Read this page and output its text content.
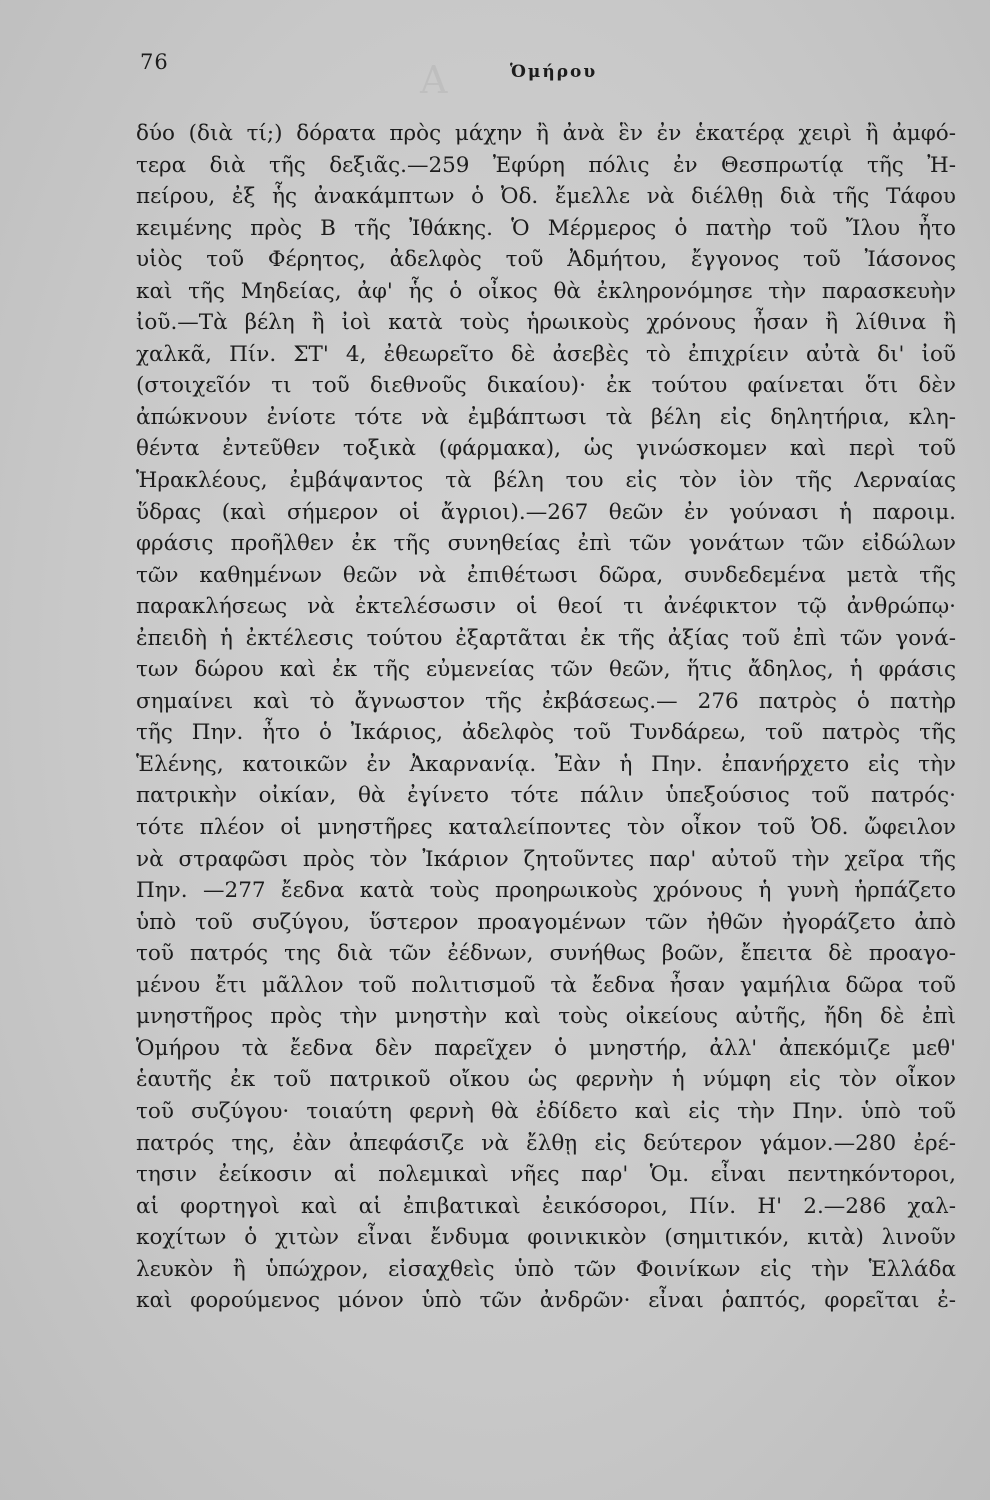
Α
76	Ὁμήρου
δύο (διὰ τί;) δόρατα πρὸς μάχην ἢ ἀνὰ ἓν ἐν ἑκατέρᾳ χειρὶ ἢ ἀμφό-
τερα διὰ τῆς δεξιᾶς.—259 Ἐφύρη πόλις ἐν Θεσπρωτίᾳ τῆς Ἠ-
πείρου, ἐξ ἧς ἀνακάμπτων ὁ Ὀδ. ἔμελλε νὰ διέλθῃ διὰ τῆς Τάφου
κειμένης πρὸς Β τῆς Ἰθάκης. Ὁ Μέρμερος ὁ πατὴρ τοῦ Ἴλου ἦτο
υἱὸς τοῦ Φέρητος, ἀδελφὸς τοῦ Ἀδμήτου, ἔγγονος τοῦ Ἰάσονος
καὶ τῆς Μηδείας, ἀφ' ἧς ὁ οἶκος θὰ ἐκληρονόμησε τὴν παρασκευὴν
ἰοῦ.—Τὰ βέλη ἢ ἰοὶ κατὰ τοὺς ἡρωικοὺς χρόνους ἦσαν ἢ λίθινα ἢ
χαλκᾶ, Πίν. ΣΤ' 4, ἐθεωρεῖτο δὲ ἀσεβὲς τὸ ἐπιχρίειν αὐτὰ δι' ἰοῦ
(στοιχεῖόν τι τοῦ διεθνοῦς δικαίου)· ἐκ τούτου φαίνεται ὅτι δὲν
ἀπώκνουν ἐνίοτε τότε νὰ ἐμβάπτωσι τὰ βέλη εἰς δηλητήρια, κλη-
θέντα ἐντεῦθεν τοξικὰ (φάρμακα), ὡς γινώσκομεν καὶ περὶ τοῦ
Ἡρακλέους, ἐμβάψαντος τὰ βέλη του εἰς τὸν ἰὸν τῆς Λερναίας
ὕδρας (καὶ σήμερον οἱ ἄγριοι).—267 θεῶν ἐν γούνασι ἡ παροιμ.
φράσις προῆλθεν ἐκ τῆς συνηθείας ἐπὶ τῶν γονάτων τῶν εἰδώλων
τῶν καθημένων θεῶν νὰ ἐπιθέτωσι δῶρα, συνδεδεμένα μετὰ τῆς
παρακλήσεως νὰ ἐκτελέσωσιν οἱ θεοί τι ἀνέφικτον τῷ ἀνθρώπῳ·
ἐπειδὴ ἡ ἐκτέλεσις τούτου ἐξαρτᾶται ἐκ τῆς ἀξίας τοῦ ἐπὶ τῶν γονά-
των δώρου καὶ ἐκ τῆς εὐμενείας τῶν θεῶν, ἥτις ἄδηλος, ἡ φράσις
σημαίνει καὶ τὸ ἄγνωστον τῆς ἐκβάσεως.— 276 πατρὸς ὁ πατὴρ
τῆς Πην. ἦτο ὁ Ἰκάριος, ἀδελφὸς τοῦ Τυνδάρεω, τοῦ πατρὸς τῆς
Ἑλένης, κατοικῶν ἐν Ἀκαρνανίᾳ. Ἐὰν ἡ Πην. ἐπανήρχετο εἰς τὴν
πατρικὴν οἰκίαν, θὰ ἐγίνετο τότε πάλιν ὑπεξούσιος τοῦ πατρός·
τότε πλέον οἱ μνηστῆρες καταλείποντες τὸν οἶκον τοῦ Ὀδ. ὤφειλον
νὰ στραφῶσι πρὸς τὸν Ἰκάριον ζητοῦντες παρ' αὐτοῦ τὴν χεῖρα τῆς
Πην. —277 ἔεδνα κατὰ τοὺς προηρωικοὺς χρόνους ἡ γυνὴ ἡρπάζετο
ὑπὸ τοῦ συζύγου, ὕστερον προαγομένων τῶν ἠθῶν ἠγοράζετο ἀπὸ
τοῦ πατρός της διὰ τῶν ἐέδνων, συνήθως βοῶν, ἔπειτα δὲ προαγο-
μένου ἔτι μᾶλλον τοῦ πολιτισμοῦ τὰ ἔεδνα ἦσαν γαμήλια δῶρα τοῦ
μνηστῆρος πρὸς τὴν μνηστὴν καὶ τοὺς οἰκείους αὐτῆς, ἤδη δὲ ἐπὶ
Ὁμήρου τὰ ἔεδνα δὲν παρεῖχεν ὁ μνηστήρ, ἀλλ' ἀπεκόμιζε μεθ'
ἑαυτῆς ἐκ τοῦ πατρικοῦ οἴκου ὡς φερνὴν ἡ νύμφη εἰς τὸν οἶκον
τοῦ συζύγου· τοιαύτη φερνὴ θὰ ἐδίδετο καὶ εἰς τὴν Πην. ὑπὸ τοῦ
πατρός της, ἐὰν ἀπεφάσιζε νὰ ἔλθῃ εἰς δεύτερον γάμον.—280 ἐρέ-
τησιν ἐείκοσιν αἱ πολεμικαὶ νῆες παρ' Ὁμ. εἶναι πεντηκόντοροι,
αἱ φορτηγοὶ καὶ αἱ ἐπιβατικαὶ ἐεικόσοροι, Πίν. Η' 2.—286 χαλ-
κοχίτων ὁ χιτὼν εἶναι ἔνδυμα φοινικικὸν (σημιτικόν, κιτὰ) λινοῦν
λευκὸν ἢ ὑπώχρον, εἰσαχθεὶς ὑπὸ τῶν Φοινίκων εἰς τὴν Ἑλλάδα
καὶ φορούμενος μόνον ὑπὸ τῶν ἀνδρῶν· εἶναι ῥαπτός, φορεῖται ἐ-
